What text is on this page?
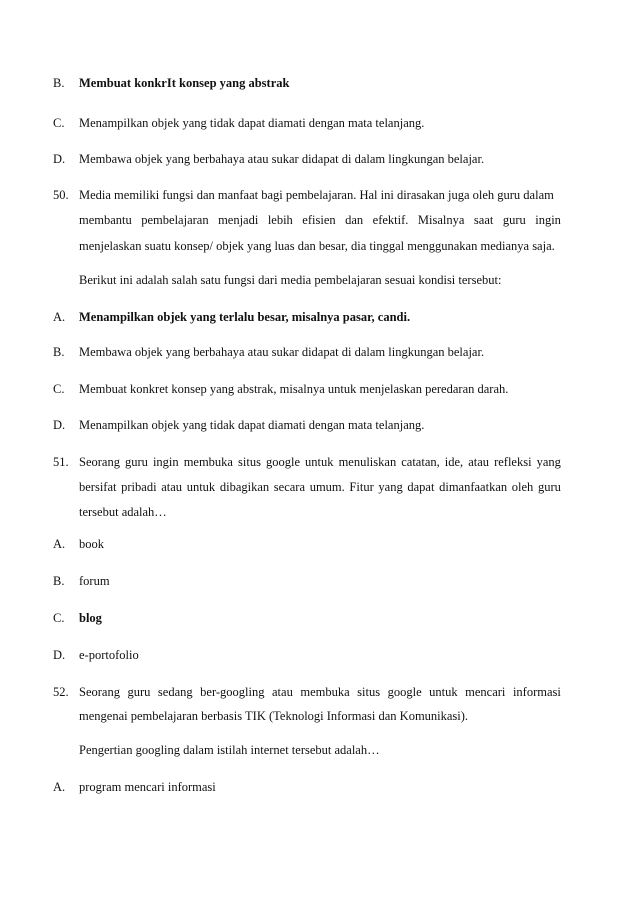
B. Membuat konkrIt konsep yang abstrak
C. Menampilkan objek yang tidak dapat diamati dengan mata telanjang.
D. Membawa objek yang berbahaya atau sukar didapat di dalam lingkungan belajar.
50. Media memiliki fungsi dan manfaat bagi pembelajaran. Hal ini dirasakan juga oleh guru dalam
membantu pembelajaran menjadi lebih efisien dan efektif. Misalnya saat guru ingin
menjelaskan suatu konsep/ objek yang luas dan besar, dia tinggal menggunakan medianya saja.
Berikut ini adalah salah satu fungsi dari media pembelajaran sesuai kondisi tersebut:
A. Menampilkan objek yang terlalu besar, misalnya pasar, candi.
B. Membawa objek yang berbahaya atau sukar didapat di dalam lingkungan belajar.
C. Membuat konkret konsep yang abstrak, misalnya untuk menjelaskan peredaran darah.
D. Menampilkan objek yang tidak dapat diamati dengan mata telanjang.
51. Seorang guru ingin membuka situs google untuk menuliskan catatan, ide, atau refleksi yang
bersifat pribadi atau untuk dibagikan secara umum. Fitur yang dapat dimanfaatkan oleh guru
tersebut adalah…
A. book
B. forum
C. blog
D. e-portofolio
52. Seorang guru sedang ber-googling atau membuka situs google untuk mencari informasi
mengenai pembelajaran berbasis TIK (Teknologi Informasi dan Komunikasi).
Pengertian googling dalam istilah internet tersebut adalah…
A. program mencari informasi
